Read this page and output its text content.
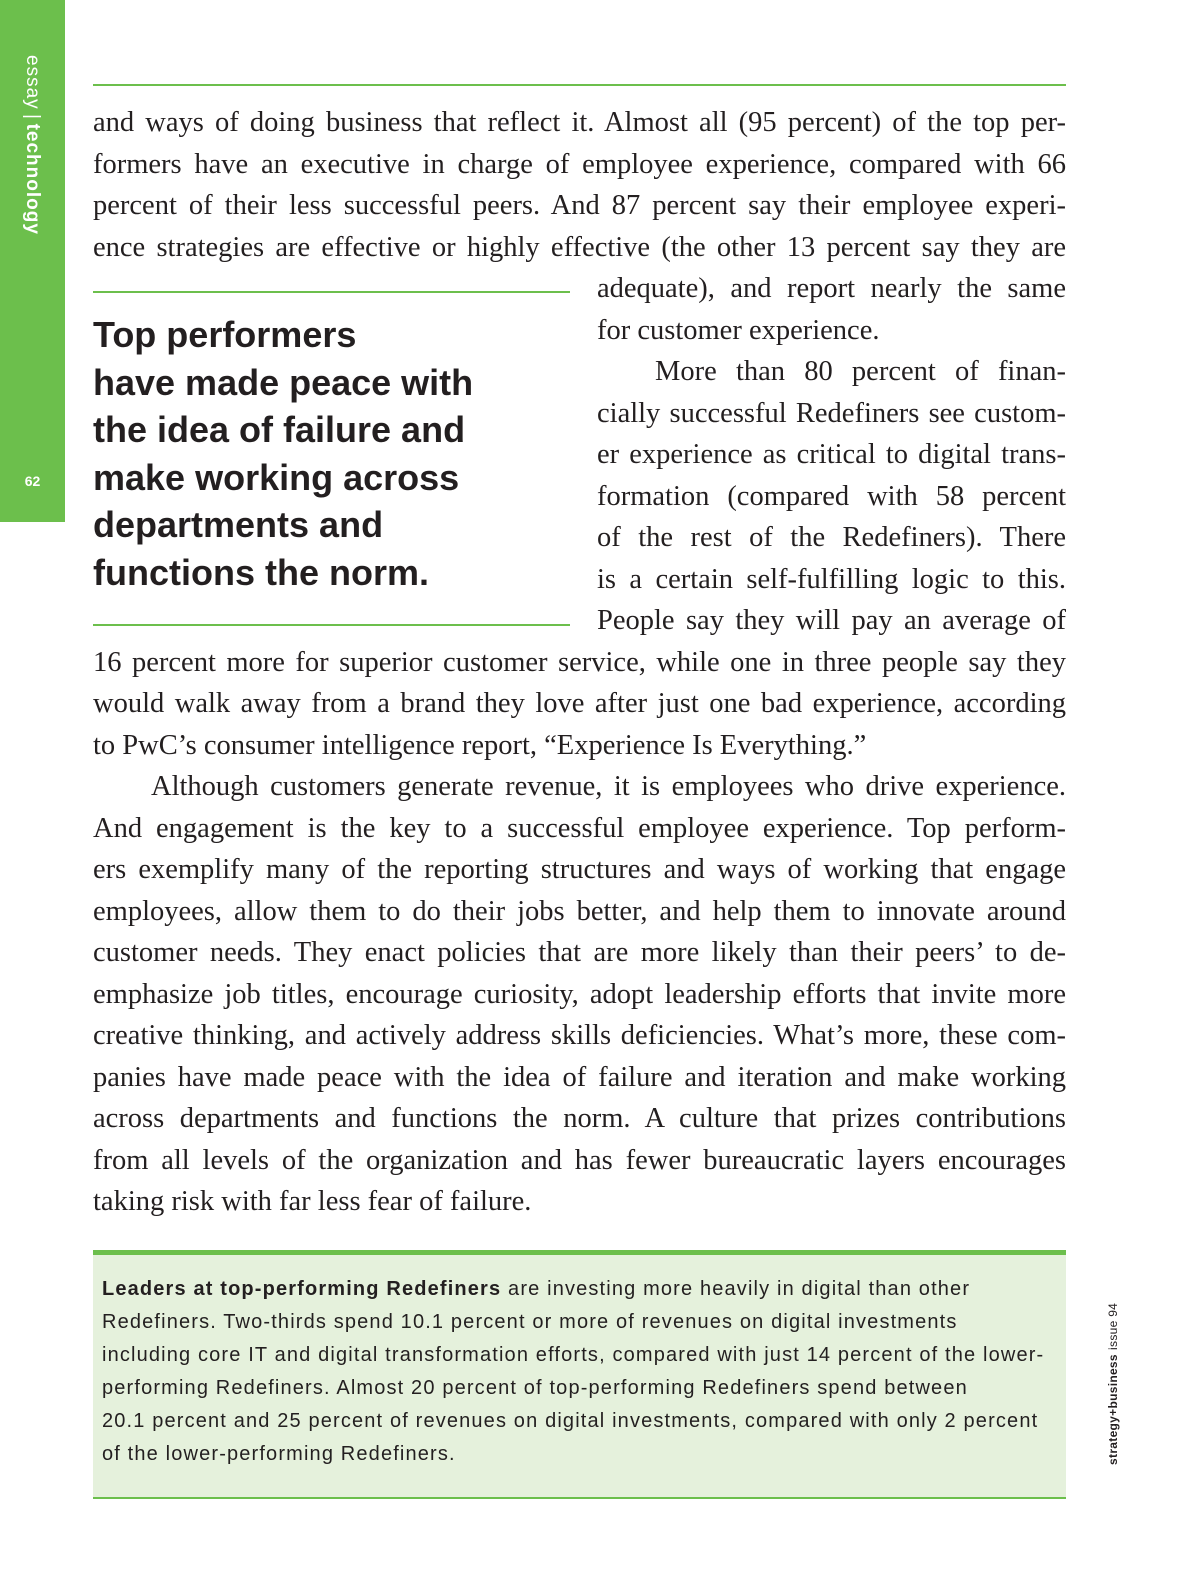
essay|technology
62
and ways of doing business that reflect it. Almost all (95 percent) of the top per-
formers have an executive in charge of employee experience, compared with 66
percent of their less successful peers. And 87 percent say their employee experi-
ence strategies are effective or highly effective (the other 13 percent say they are
adequate), and report nearly the same
for customer experience.
More than 80 percent of finan-
cially successful Redefiners see custom-
er experience as critical to digital trans-
formation (compared with 58 percent
of the rest of the Redefiners). There
is a certain self-fulfilling logic to this.
People say they will pay an average of
Top performers
have made peace with
the idea of failure and
make working across
departments and
functions the norm.
16 percent more for superior customer service, while one in three people say they
would walk away from a brand they love after just one bad experience, according
to PwC’s consumer intelligence report, “Experience Is Everything.”
Although customers generate revenue, it is employees who drive experience.
And engagement is the key to a successful employee experience. Top perform-
ers exemplify many of the reporting structures and ways of working that engage
employees, allow them to do their jobs better, and help them to innovate around
customer needs. They enact policies that are more likely than their peers’ to de-
emphasize job titles, encourage curiosity, adopt leadership efforts that invite more
creative thinking, and actively address skills deficiencies. What’s more, these com-
panies have made peace with the idea of failure and iteration and make working
across departments and functions the norm. A culture that prizes contributions
from all levels of the organization and has fewer bureaucratic layers encourages
taking risk with far less fear of failure.
Leaders at top-performing Redefiners are investing more heavily in digital than other
Redefiners. Two-thirds spend 10.1 percent or more of revenues on digital investments
including core IT and digital transformation efforts, compared with just 14 percent of the lower-
performing Redefiners. Almost 20 percent of top-performing Redefiners spend between
20.1 percent and 25 percent of revenues on digital investments, compared with only 2 percent
of the lower-performing Redefiners.	strategy+businessissue 94
